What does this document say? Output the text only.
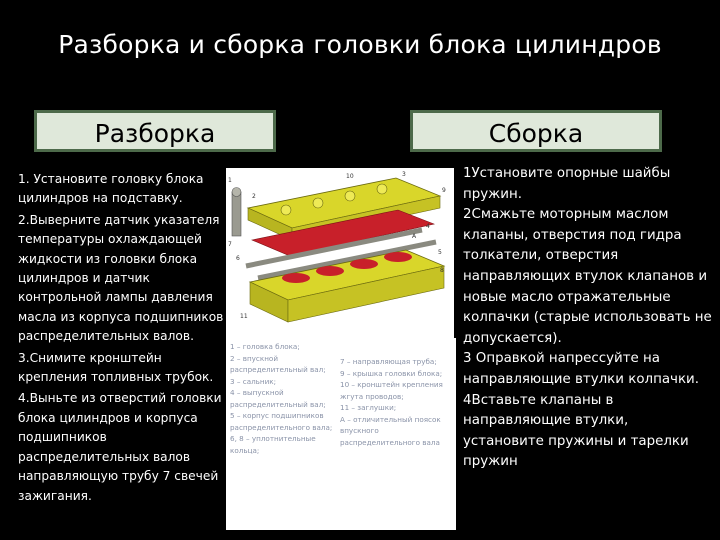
Разборка и сборка головки блока цилиндров
Разборка	Сборка

1. Установите головку блока цилиндров на подставку.

2.Выверните датчик указателя температуры охлаждающей жидкости из головки блока цилиндров и датчик контрольной лампы давления масла из корпуса подшипников распределительных валов.

3.Снимите кронштейн крепления топливных трубок.

4.Выньте из отверстий головки блока цилиндров и корпуса подшипников распределительных валов направляющую трубу 7 свечей зажигания.

1Установите опорные шайбы пружин.

2Смажьте моторным маслом клапаны, отверстия под гидра толкатели, отверстия направляющих втулок клапанов и новые масло отражательные колпачки (старые использовать не допускается).

3 Оправкой напрессуйте на направляющие втулки колпачки.

4Вставьте клапаны в направляющие втулки, установите пружины и тарелки пружин

1
2
3
4
5
6
7
8
9
10
11
А
1 – головка блока;
2 – впускной распределительный вал;
3 – сальник;
4 – выпускной распределительный вал;
5 – корпус подшипников распределительного вала;
6, 8 – уплотнительные кольца;
7 – направляющая труба;
9 – крышка головки блока;
10 – кронштейн крепления жгута проводов;
11 – заглушки;
А – отличительный поясок впускного распределительного вала
